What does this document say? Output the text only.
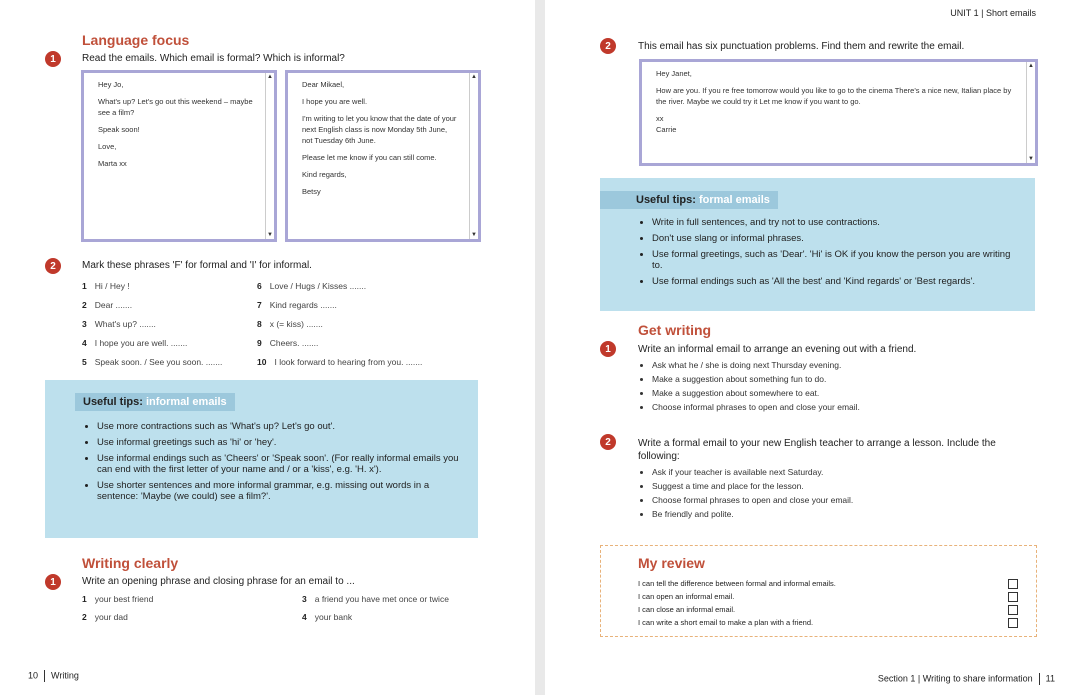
Language focus
1	Read the emails. Which email is formal? Which is informal?

Hey Jo,

What's up? Let's go out this weekend – maybe see a film?

Speak soon!

Love,

Marta xx

▲
▼

Dear Mikael,

I hope you are well.

I'm writing to let you know that the date of your next English class is now Monday 5th June, not Tuesday 6th June.

Please let me know if you can still come.

Kind regards,

Betsy

▲
▼
2	Mark these phrases 'F' for formal and 'I' for informal.
1 Hi / Hey !
2 Dear .......
3 What's up? .......
4 I hope you are well. .......
5 Speak soon. / See you soon. .......
6 Love / Hugs / Kisses .......
7 Kind regards .......
8 x (= kiss) .......
9 Cheers. .......
10 I look forward to hearing from you. .......
Useful tips: informal emails
• Use more contractions such as 'What's up? Let's go out'.
• Use informal greetings such as 'hi' or 'hey'.
• Use informal endings such as 'Cheers' or 'Speak soon'. (For really informal emails you can end with the first letter of your name and / or a 'kiss', e.g. 'H. x').
• Use shorter sentences and more informal grammar, e.g. missing out words in a sentence: 'Maybe (we could) see a film?'.
Writing clearly
1	Write an opening phrase and closing phrase for an email to ...
1 your best friend
2 your dad
3 a friend you have met once or twice
4 your bank
10 Writing
UNIT 1 | Short emails
2	This email has six punctuation problems. Find them and rewrite the email.

Hey Janet,

How are you. If you re free tomorrow would you like to go to the cinema There's a nice new, Italian place by the river. Maybe we could try it Let me know if you want to go.

xx

Carrie

▲
▼
Useful tips: formal emails
• Write in full sentences, and try not to use contractions.
• Don't use slang or informal phrases.
• Use formal greetings, such as 'Dear'. 'Hi' is OK if you know the person you are writing to.
• Use formal endings such as 'All the best' and 'Kind regards' or 'Best regards'.
Get writing
1	Write an informal email to arrange an evening out with a friend.
• Ask what he / she is doing next Thursday evening.
• Make a suggestion about something fun to do.
• Make a suggestion about somewhere to eat.
• Choose informal phrases to open and close your email.
2	Write a formal email to your new English teacher to arrange a lesson. Include the following:
• Ask if your teacher is available next Saturday.
• Suggest a time and place for the lesson.
• Choose formal phrases to open and close your email.
• Be friendly and polite.
My review
I can tell the difference between formal and informal emails.
I can open an informal email.
I can close an informal email.
I can write a short email to make a plan with a friend.
Section 1 | Writing to share information 11
